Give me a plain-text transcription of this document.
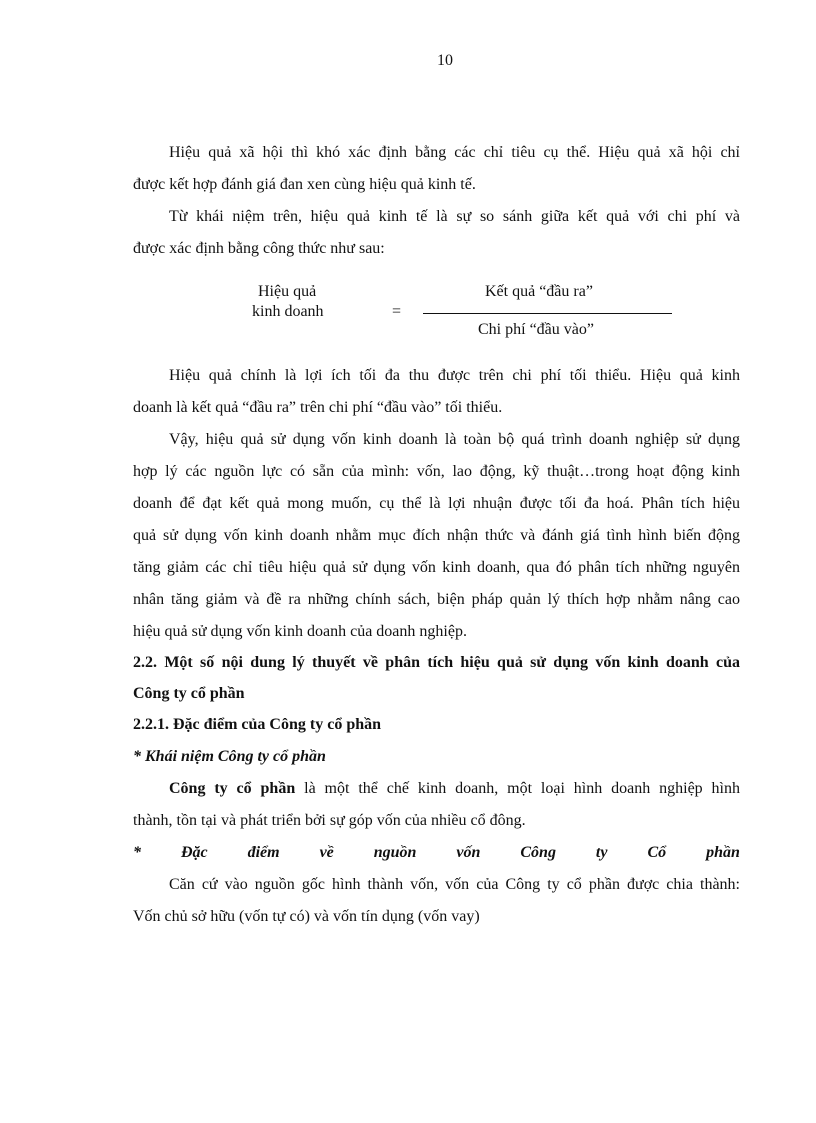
10
Hiệu quả xã hội thì khó xác định bằng các chỉ tiêu cụ thể. Hiệu quả xã hội chỉ
được kết hợp đánh giá đan xen cùng hiệu quả kinh tế.
Từ khái niệm trên, hiệu quả kinh tế là sự so sánh giữa kết quả với chi phí và
được xác định bằng công thức như sau:
Hiệu quả
kinh doanh	=
Kết quả “đầu ra”
Chi phí “đầu vào”
Hiệu quả chính là lợi ích tối đa thu được trên chi phí tối thiểu. Hiệu quả kinh
doanh là kết quả “đầu ra” trên chi phí “đầu vào” tối thiểu.
Vậy, hiệu quả sử dụng vốn kinh doanh là toàn bộ quá trình doanh nghiệp sử dụng
hợp lý các nguồn lực có sẵn của mình: vốn, lao động, kỹ thuật…trong hoạt động kinh
doanh để đạt kết quả mong muốn, cụ thể là lợi nhuận được tối đa hoá. Phân tích hiệu
quả sử dụng vốn kinh doanh nhằm mục đích nhận thức và đánh giá tình hình biến động
tăng giảm các chỉ tiêu hiệu quả sử dụng vốn kinh doanh, qua đó phân tích những nguyên
nhân tăng giảm và đề ra những chính sách, biện pháp quản lý thích hợp nhằm nâng cao
hiệu quả sử dụng vốn kinh doanh của doanh nghiệp.
2.2. Một số nội dung lý thuyết về phân tích hiệu quả sử dụng vốn kinh doanh của
Công ty cổ phần
2.2.1. Đặc điểm của Công ty cổ phần
* Khái niệm Công ty cổ phần
Công ty cổ phần là một thể chế kinh doanh, một loại hình doanh nghiệp hình
thành, tồn tại và phát triển bởi sự góp vốn của nhiều cổ đông.
* Đặc điểm về nguồn vốn Công ty Cổ phần
Căn cứ vào nguồn gốc hình thành vốn, vốn của Công ty cổ phần được chia thành:
Vốn chủ sở hữu (vốn tự có) và vốn tín dụng (vốn vay)
